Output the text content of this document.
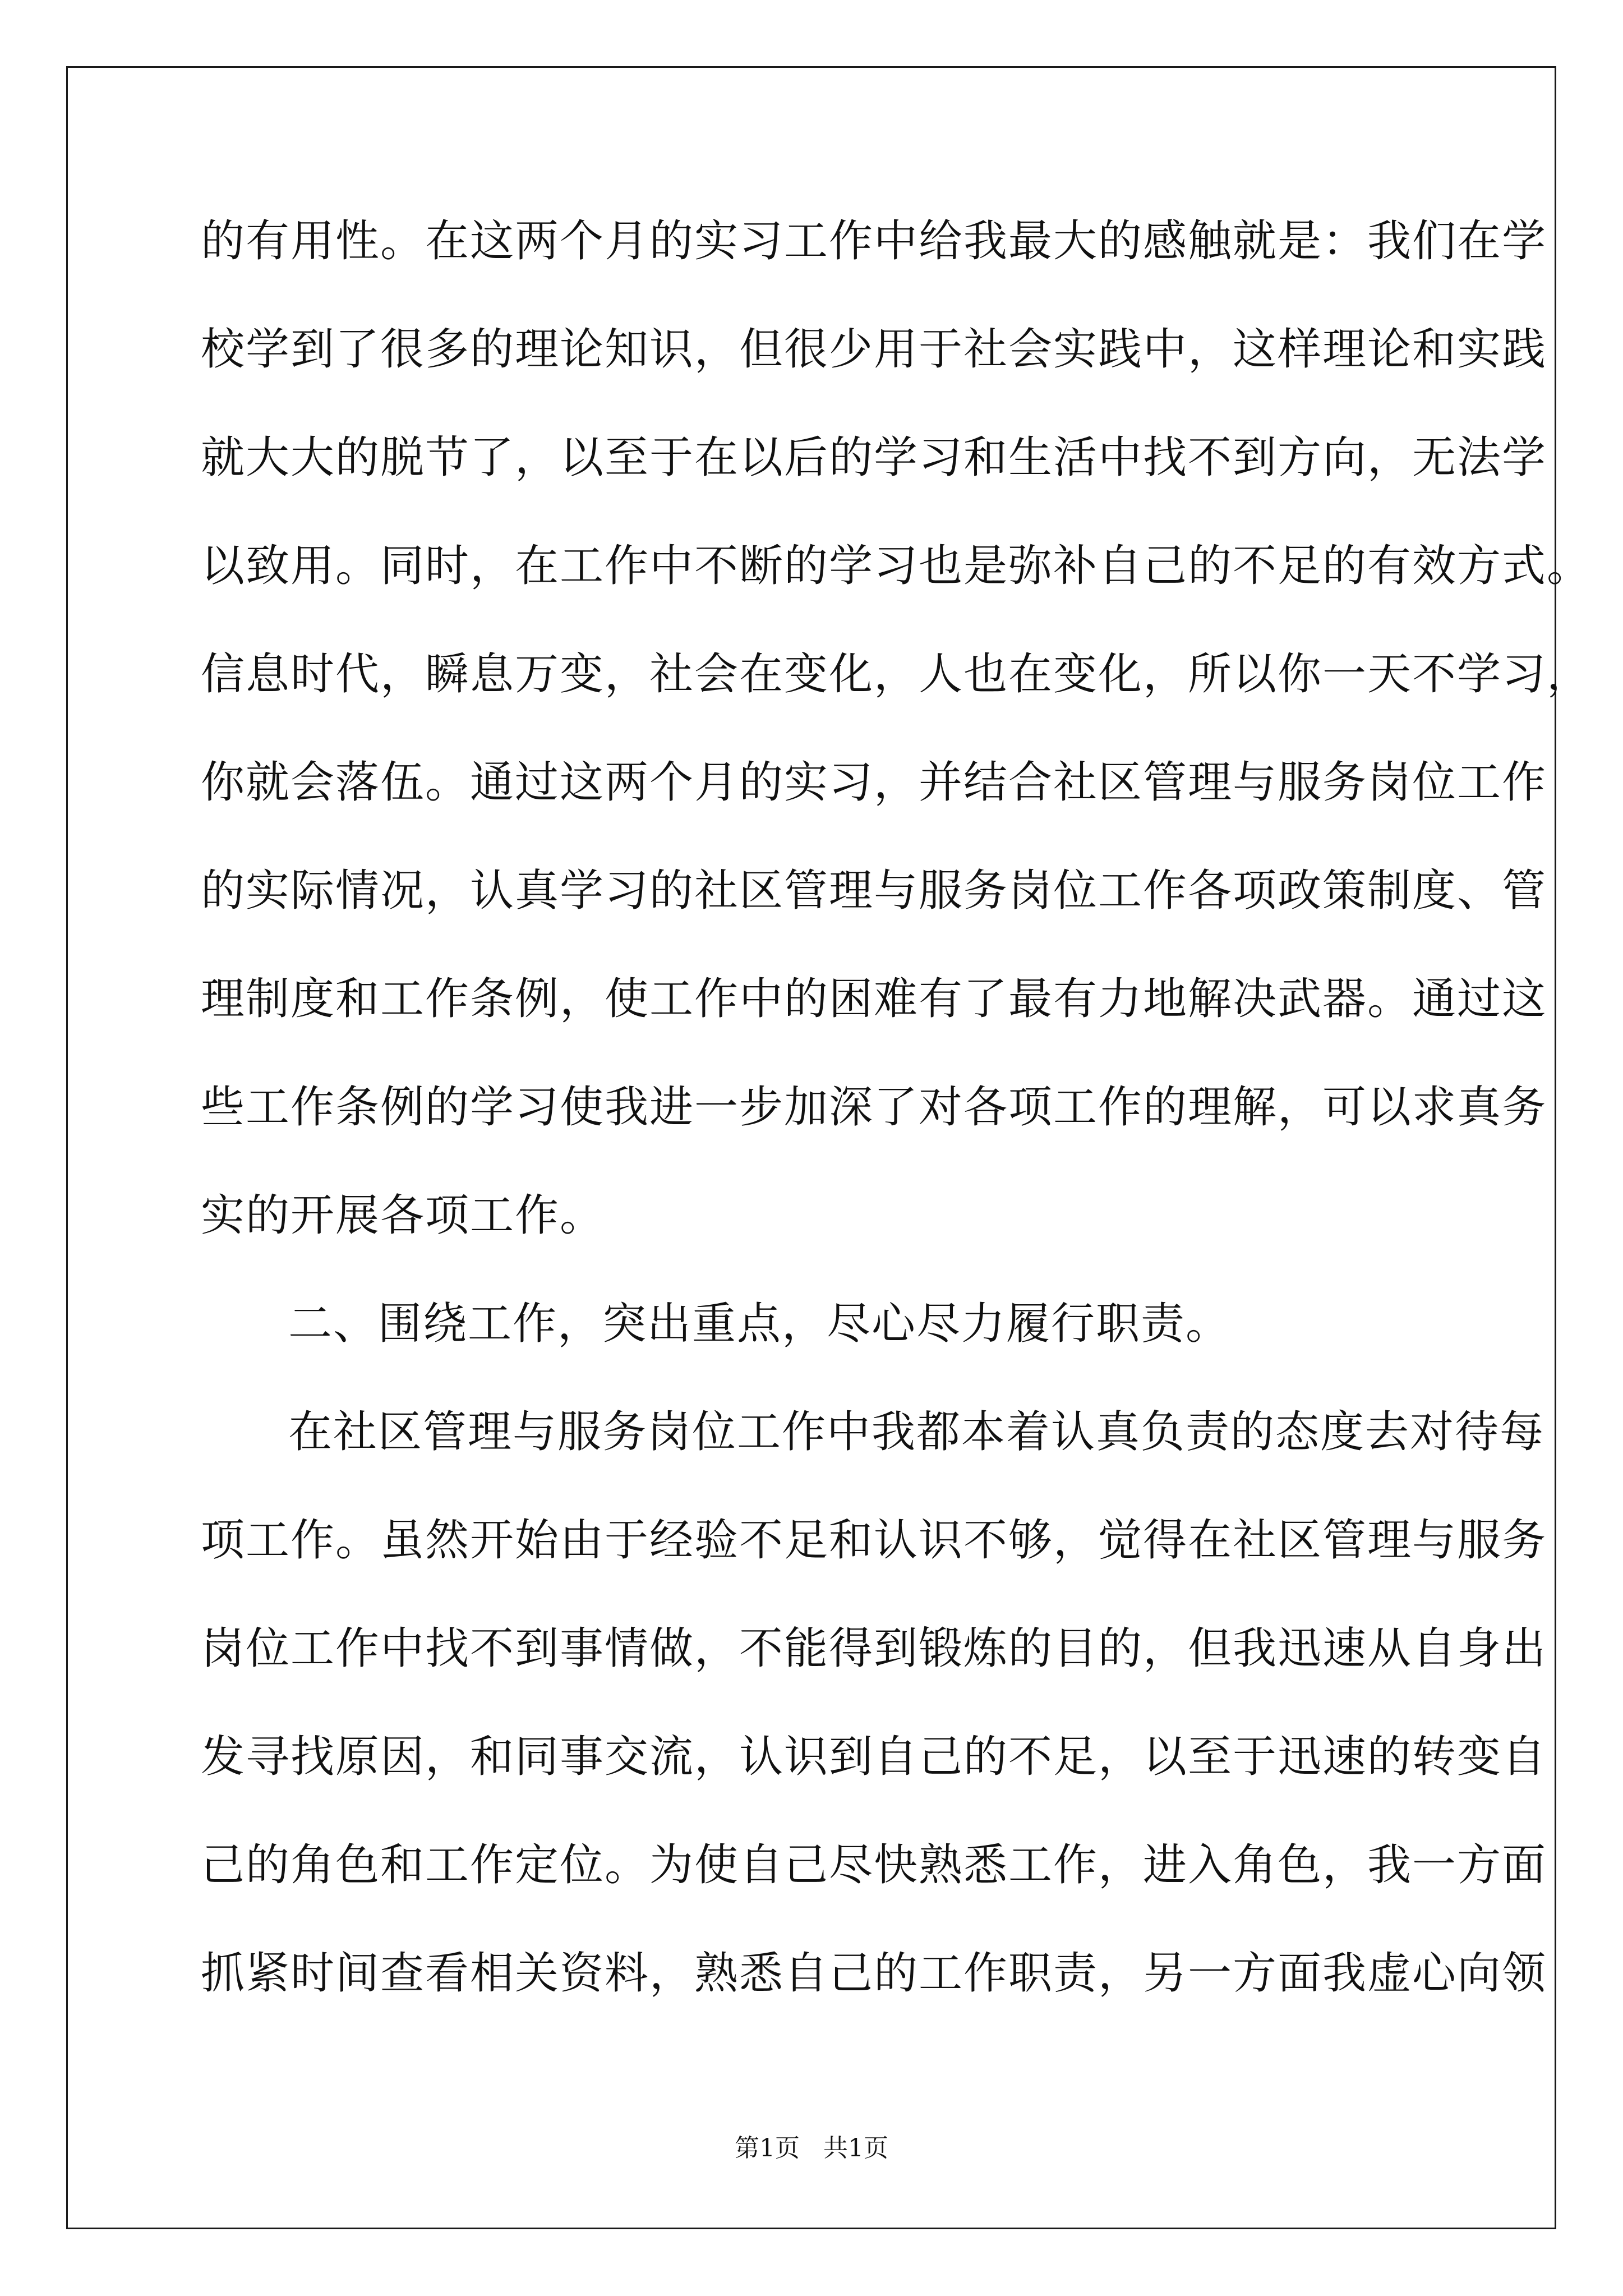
的有用性。在这两个月的实习工作中给我最大的感触就是：我们在学
校学到了很多的理论知识，但很少用于社会实践中，这样理论和实践
就大大的脱节了，以至于在以后的学习和生活中找不到方向，无法学
以致用。同时，在工作中不断的学习也是弥补自己的不足的有效方式。
信息时代，瞬息万变，社会在变化，人也在变化，所以你一天不学习，
你就会落伍。通过这两个月的实习，并结合社区管理与服务岗位工作
的实际情况，认真学习的社区管理与服务岗位工作各项政策制度、管
理制度和工作条例，使工作中的困难有了最有力地解决武器。通过这
些工作条例的学习使我进一步加深了对各项工作的理解，可以求真务
实的开展各项工作。
二、围绕工作，突出重点，尽心尽力履行职责。
在社区管理与服务岗位工作中我都本着认真负责的态度去对待每
项工作。虽然开始由于经验不足和认识不够，觉得在社区管理与服务
岗位工作中找不到事情做，不能得到锻炼的目的，但我迅速从自身出
发寻找原因，和同事交流，认识到自己的不足，以至于迅速的转变自
己的角色和工作定位。为使自己尽快熟悉工作，进入角色，我一方面
抓紧时间查看相关资料，熟悉自己的工作职责，另一方面我虚心向领
第1页   共1页
